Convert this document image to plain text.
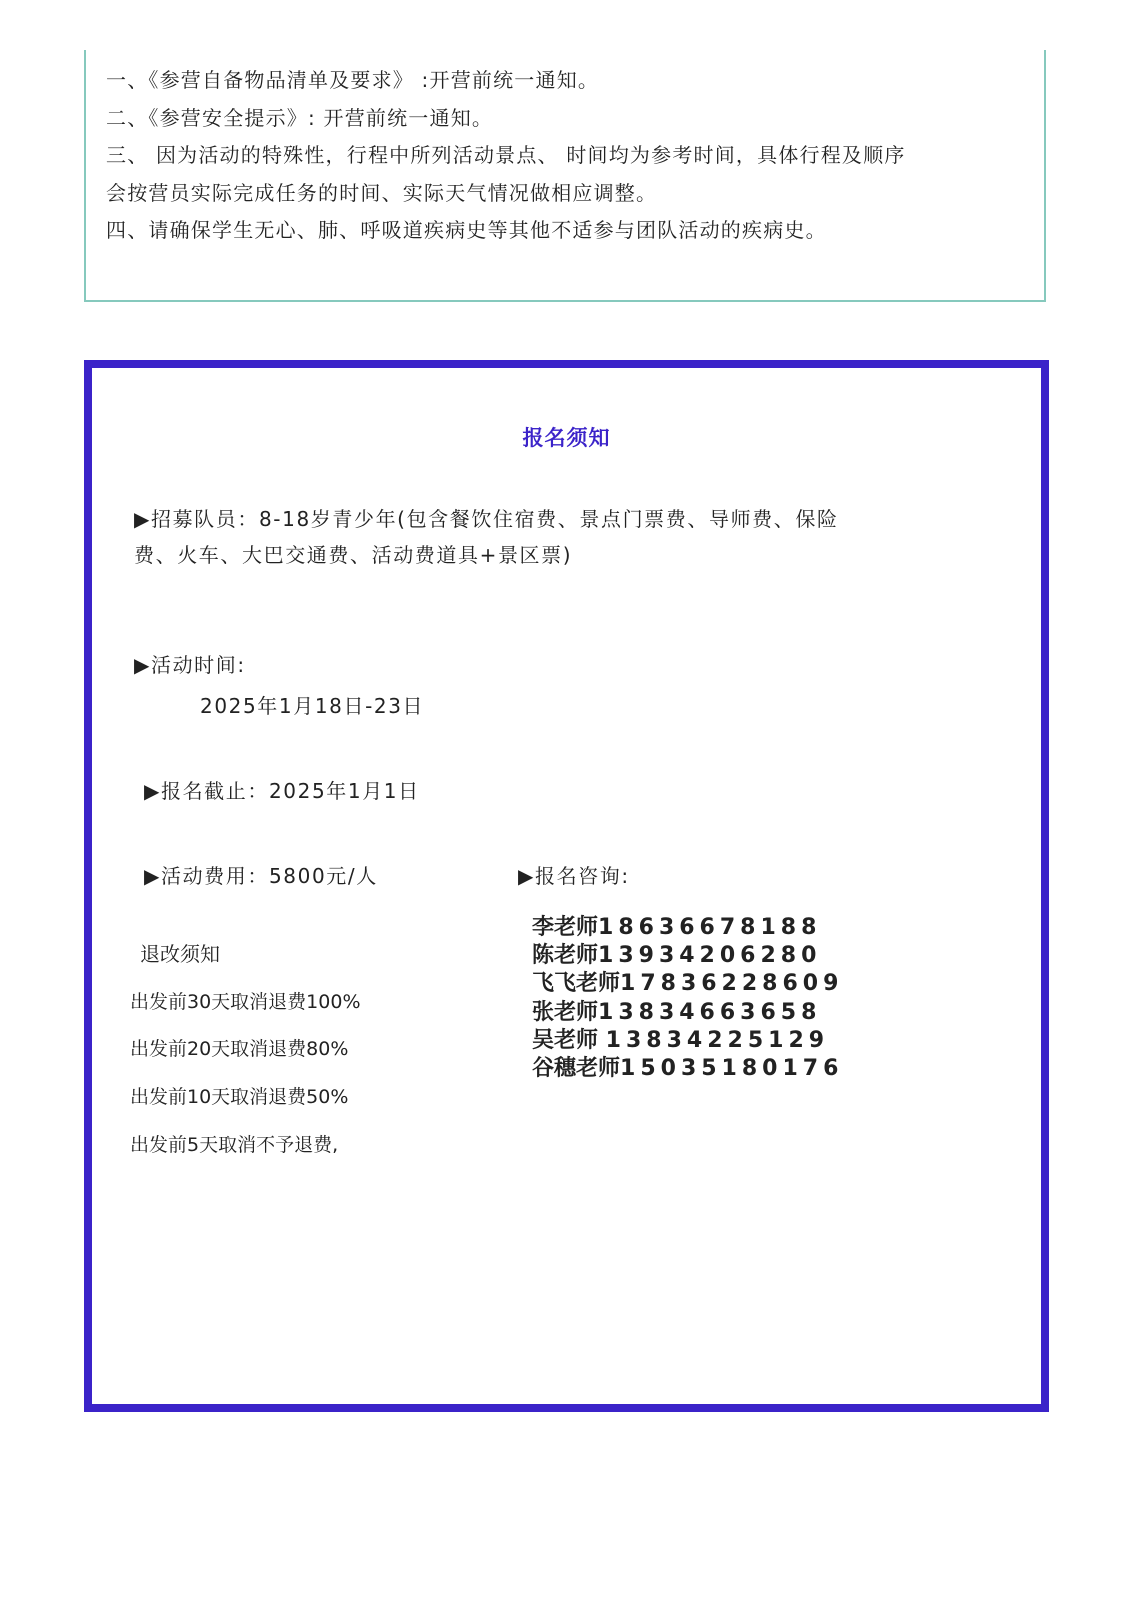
一、《参营自备物品清单及要求》 :开营前统一通知。
二、《参营安全提示》: 开营前统一通知。
三、 因为活动的特殊性，行程中所列活动景点、 时间均为参考时间，具体行程及顺序
会按营员实际完成任务的时间、实际天气情况做相应调整。
四、请确保学生无心、肺、呼吸道疾病史等其他不适参与团队活动的疾病史。
报名须知
▶招募队员：8-18岁青少年(包含餐饮住宿费、景点门票费、导师费、保险
费、火车、大巴交通费、活动费道具+景区票)
▶活动时间:
2025年1月18日-23日
▶报名截止：2025年1月1日
▶活动费用：5800元/人	▶报名咨询:
退改须知
出发前30天取消退费100%
出发前20天取消退费80%
出发前10天取消退费50%
出发前5天取消不予退费,
李老师18636678188
陈老师13934206280
飞飞老师17836228609
张老师13834663658
吴老师 13834225129
谷穗老师15035180176
